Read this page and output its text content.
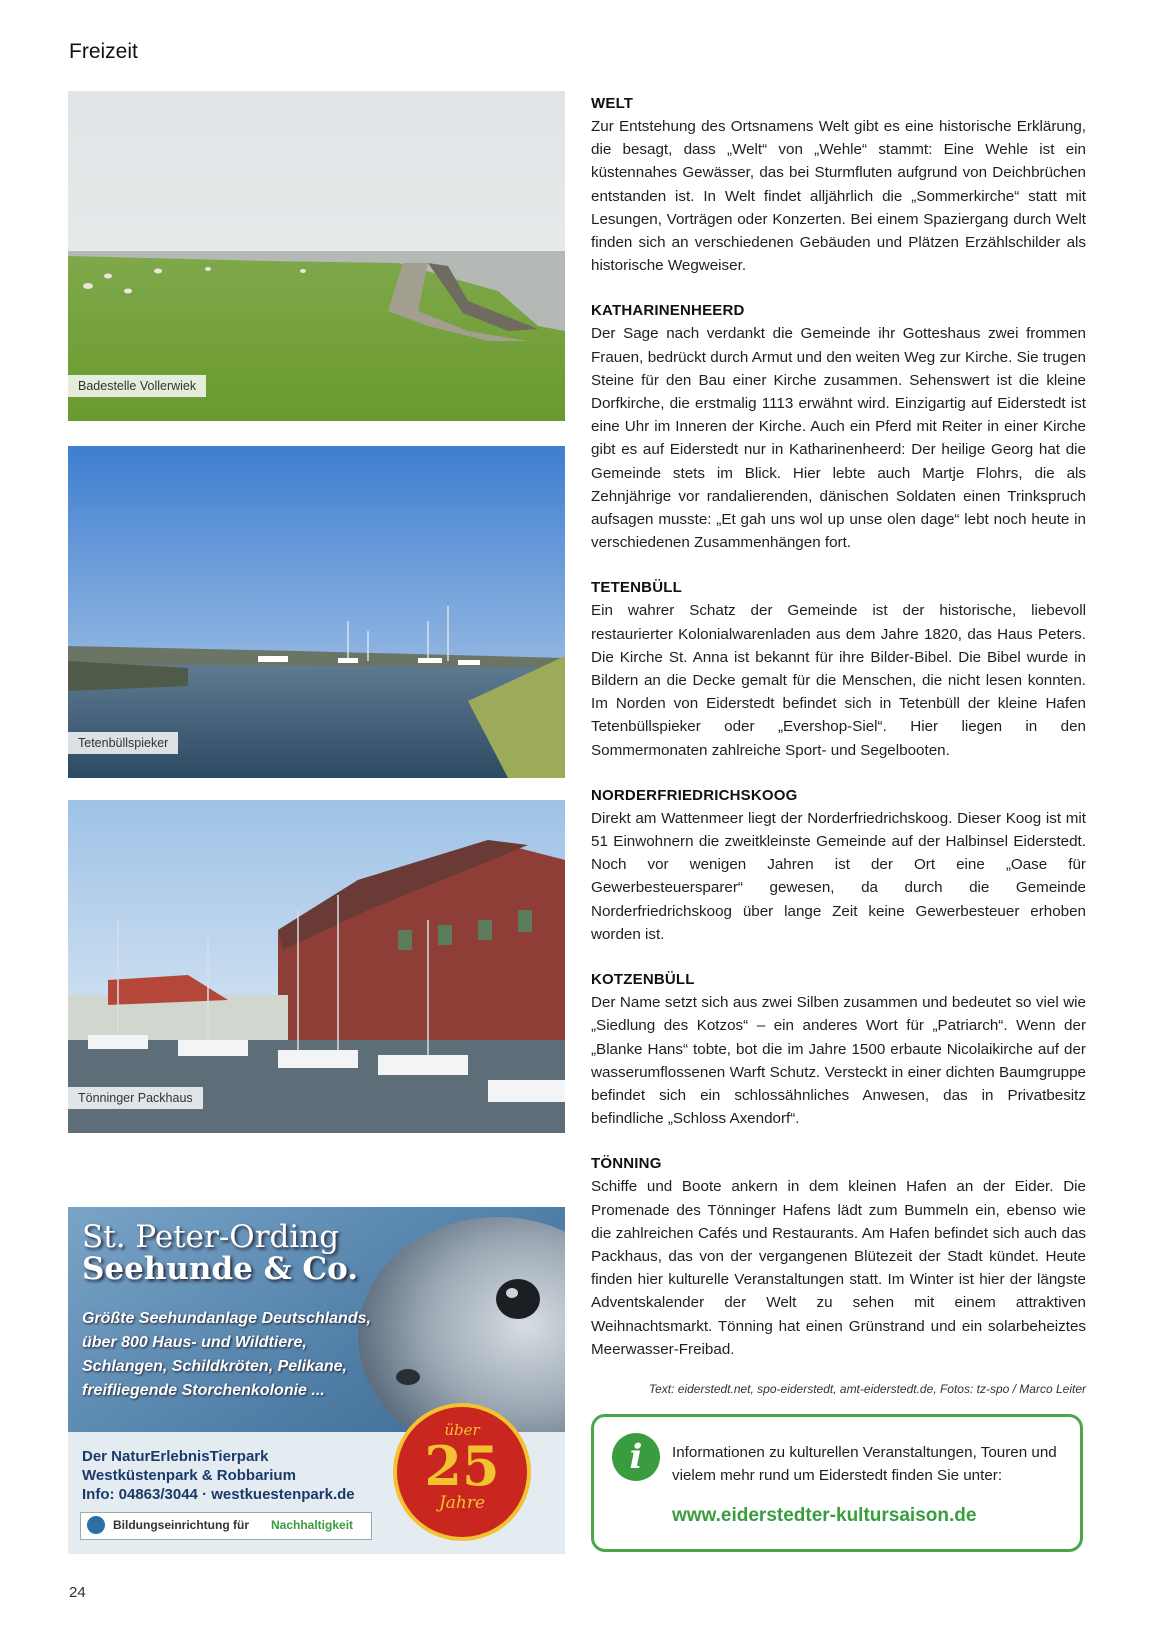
Freizeit
Badestelle Vollerwiek
Tetenbüllspieker
Tönninger Packhaus
St. Peter-Ording
Seehunde & Co.
Größte Seehundanlage Deutschlands,
über 800 Haus- und Wildtiere,
Schlangen, Schildkröten, Pelikane,
freifliegende Storchenkolonie ...
Der NaturErlebnisTierpark
Westküstenpark & Robbarium
Info: 04863/3044 · westkuestenpark.de
Bildungseinrichtung für Nachhaltigkeit
über
25
Jahre
WELT

Zur Entstehung des Ortsnamens Welt gibt es eine historische Erklärung, die besagt, dass „Welt“ von „Wehle“ stammt: Eine Wehle ist ein küstennahes Gewässer, das bei Sturmfluten aufgrund von Deichbrüchen entstanden ist. In Welt findet alljährlich die „Sommerkirche“ statt mit Lesungen, Vorträgen oder Konzerten. Bei einem Spaziergang durch Welt finden sich an verschiedenen Gebäuden und Plätzen Erzählschilder als historische Wegweiser.

KATHARINENHEERD

Der Sage nach verdankt die Gemeinde ihr Gotteshaus zwei frommen Frauen, bedrückt durch Armut und den weiten Weg zur Kirche. Sie trugen Steine für den Bau einer Kirche zusammen. Sehenswert ist die kleine Dorfkirche, die erstmalig 1113 erwähnt wird. Einzigartig auf Eiderstedt ist eine Uhr im Inneren der Kirche. Auch ein Pferd mit Reiter in einer Kirche gibt es auf Eiderstedt nur in Katharinenheerd: Der heilige Georg hat die Gemeinde stets im Blick. Hier lebte auch Martje Flohrs, die als Zehnjährige vor randalierenden, dänischen Soldaten einen Trinkspruch aufsagen musste: „Et gah uns wol up unse olen dage“ lebt noch heute in verschiedenen Zusammenhängen fort.

TETENBÜLL

Ein wahrer Schatz der Gemeinde ist der historische, liebevoll restaurierter Kolonialwarenladen aus dem Jahre 1820, das Haus Peters. Die Kirche St. Anna ist bekannt für ihre Bilder-Bibel. Die Bibel wurde in Bildern an die Decke gemalt für die Menschen, die nicht lesen konnten. Im Norden von Eiderstedt befindet sich in Tetenbüll der kleine Hafen Tetenbüllspieker oder „Evershop-Siel“. Hier liegen in den Sommermonaten zahlreiche Sport- und Segelbooten.

NORDERFRIEDRICHSKOOG

Direkt am Wattenmeer liegt der Norderfriedrichskoog. Dieser Koog ist mit 51 Einwohnern die zweitkleinste Gemeinde auf der Halbinsel Eiderstedt. Noch vor wenigen Jahren ist der Ort eine „Oase für Gewerbesteuersparer“ gewesen, da durch die Gemeinde Norderfriedrichskoog über lange Zeit keine Gewerbesteuer erhoben worden ist.

KOTZENBÜLL

Der Name setzt sich aus zwei Silben zusammen und bedeutet so viel wie „Siedlung des Kotzos“ – ein anderes Wort für „Patriarch“. Wenn der „Blanke Hans“ tobte, bot die im Jahre 1500 erbaute Nicolaikirche auf der wasserumflossenen Warft Schutz. Versteckt in einer dichten Baumgruppe befindet sich ein schlossähnliches Anwesen, das in Privatbesitz befindliche „Schloss Axendorf“.

TÖNNING

Schiffe und Boote ankern in dem kleinen Hafen an der Eider. Die Promenade des Tönninger Hafens lädt zum Bummeln ein, ebenso wie die zahlreichen Cafés und Restaurants. Am Hafen befindet sich auch das Packhaus, das von der vergangenen Blütezeit der Stadt kündet. Heute finden hier kulturelle Veranstaltungen statt. Im Winter ist hier der längste Adventskalender der Welt zu sehen mit einem attraktiven Weihnachtsmarkt. Tönning hat einen Grünstrand und ein solarbeheiztes Meerwasser-Freibad.

Text: eiderstedt.net, spo-eiderstedt, amt-eiderstedt.de, Fotos: tz-spo / Marco Leiter
i	Informationen zu kulturellen Veranstaltungen, Touren und vielem mehr rund um Eiderstedt finden Sie unter:
www.eiderstedter-kultursaison.de
24
